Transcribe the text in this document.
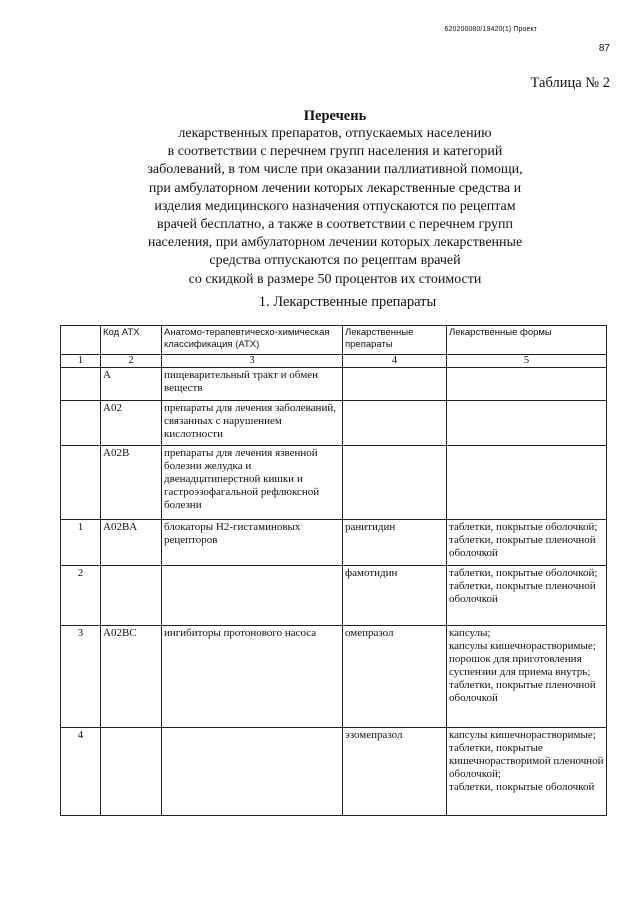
620200080/19420(1) Проект
87
Таблица № 2
Перечень
лекарственных препаратов, отпускаемых населению
в соответствии с перечнем групп населения и категорий
заболеваний, в том числе при оказании паллиативной помощи,
при амбулаторном лечении которых лекарственные средства и
изделия медицинского назначения отпускаются по рецептам
врачей бесплатно, а также в соответствии с перечнем групп
населения, при амбулаторном лечении которых лекарственные
средства отпускаются по рецептам врачей
со скидкой в размере 50 процентов их стоимости
1. Лекарственные препараты
	Код АТХ	Анатомо-терапевтическо-химическая классификация (АТХ)	Лекарственные препараты	Лекарственные формы
1	2	3	4	5
	A	пищеварительный тракт и обмен веществ		
	A02	препараты для лечения заболеваний, связанных с нарушением кислотности		
	A02B	препараты для лечения язвенной болезни желудка и двенадцатиперстной кишки и гастроэзофагальной рефлюксной болезни		
1	A02BA	блокаторы Н2-гистаминовых рецепторов	ранитидин	таблетки, покрытые оболочкой; таблетки, покрытые пленочной оболочкой
2			фамотидин	таблетки, покрытые оболочкой;
таблетки, покрытые пленочной оболочкой
3	A02BC	ингибиторы протонового насоса	омепразол	капсулы;
капсулы кишечнорастворимые; порошок для приготовления суспензии для приема внутрь; таблетки, покрытые пленочной оболочкой
4			эзомепразол	капсулы кишечнорастворимые; таблетки, покрытые кишечнорастворимой пленочной оболочкой;
таблетки, покрытые оболочкой
